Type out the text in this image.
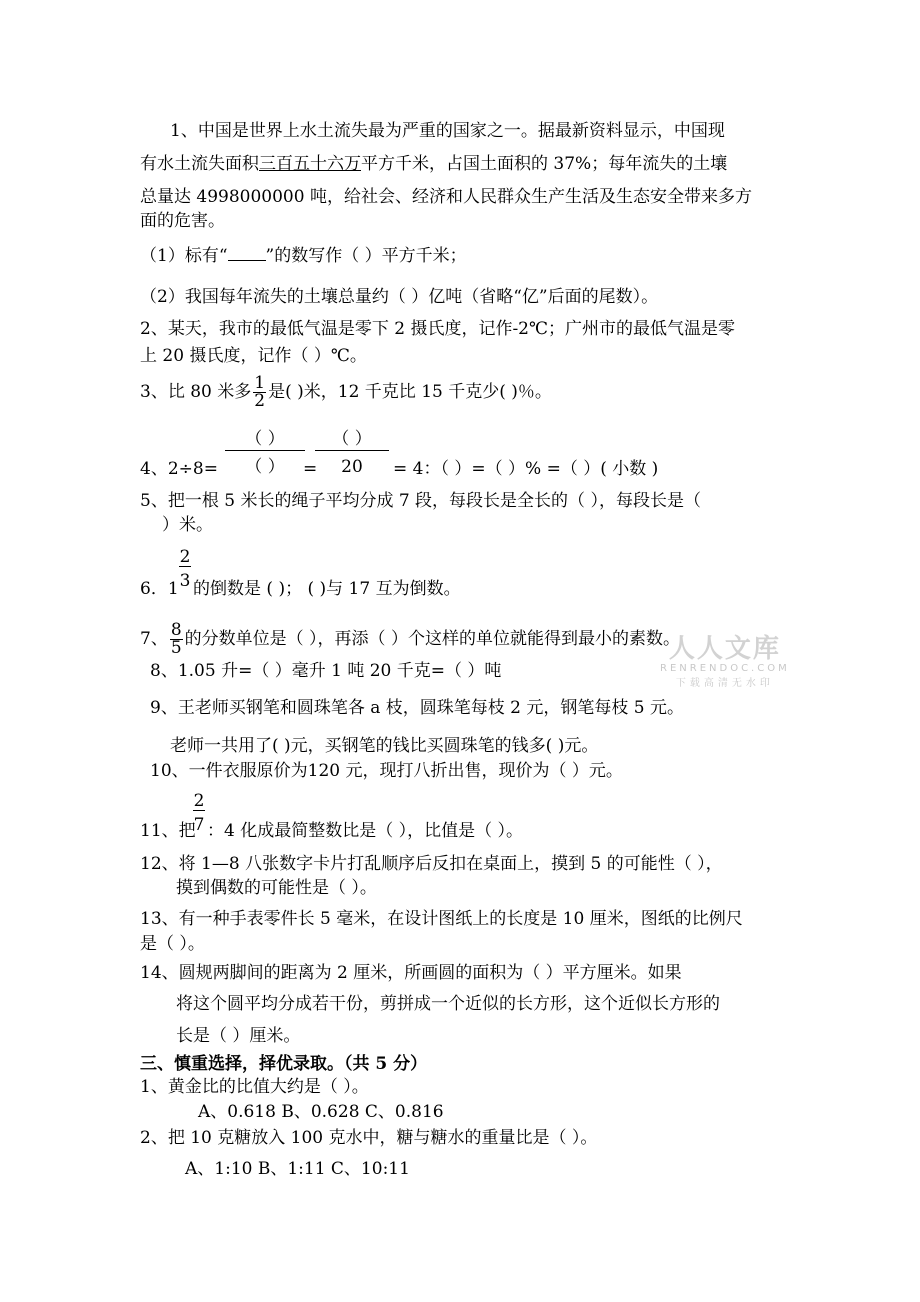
1、中国是世界上水土流失最为严重的国家之一。据最新资料显示，中国现
有水土流失面积三百五十六万平方千米，占国土面积的 37%；每年流失的土壤
总量达 4998000000 吨，给社会、经济和人民群众生产生活及生态安全带来多方
面的危害。
（1）标有“ ”的数写作（ ）平方千米；
（2）我国每年流失的土壤总量约（ ）亿吨（省略“亿”后面的尾数）。
2、某天，我市的最低气温是零下 2 摄氏度，记作-2℃；广州市的最低气温是零
上 20 摄氏度，记作（ ）℃。
3、比 80 米多 $\frac{1}{2}$ 是( )米，12 千克比 15 千克少( )％。
（ ）	（ ）
4、2÷8=	（ ）	=	20	= 4：（ ）=（ ）% =（ ）( 小数 )
5、把一根 5 米长的绳子平均分成 7 段，每段长是全长的（ ），每段长是（
）米。
6．1
2
3 的倒数是 ( )； ( )与 17 互为倒数。
7、 $\frac{8}{5}$ 的分数单位是（ ），再添（ ）个这样的单位就能得到最小的素数。
8、1.05 升=（ ）毫升 1 吨 20 千克=（ ）吨
9、王老师买钢笔和圆珠笔各 a 枝，圆珠笔每枝 2 元，钢笔每枝 5 元。
老师一共用了( )元，买钢笔的钱比买圆珠笔的钱多( )元。
10、一件衣服原价为120 元，现打八折出售，现价为（ ）元。
11、把
2
7 ：4 化成最简整数比是（ ），比值是（ ）。
12、将 1—8 八张数字卡片打乱顺序后反扣在桌面上，摸到 5 的可能性（ ），
摸到偶数的可能性是（ ）。
13、有一种手表零件长 5 毫米，在设计图纸上的长度是 10 厘米，图纸的比例尺
是（ ）。
14、圆规两脚间的距离为 2 厘米，所画圆的面积为（ ）平方厘米。如果
将这个圆平均分成若干份，剪拼成一个近似的长方形，这个近似长方形的
长是（ ）厘米。
三、慎重选择，择优录取。（共 5 分）
1、黄金比的比值大约是（ ）。
A、0.618 B、0.628 C、0.816
2、把 10 克糖放入 100 克水中，糖与糖水的重量比是（ ）。
A、1:10 B、1:11 C、10:11
人人文库
RENRENDOC.COM
下载高清无水印
